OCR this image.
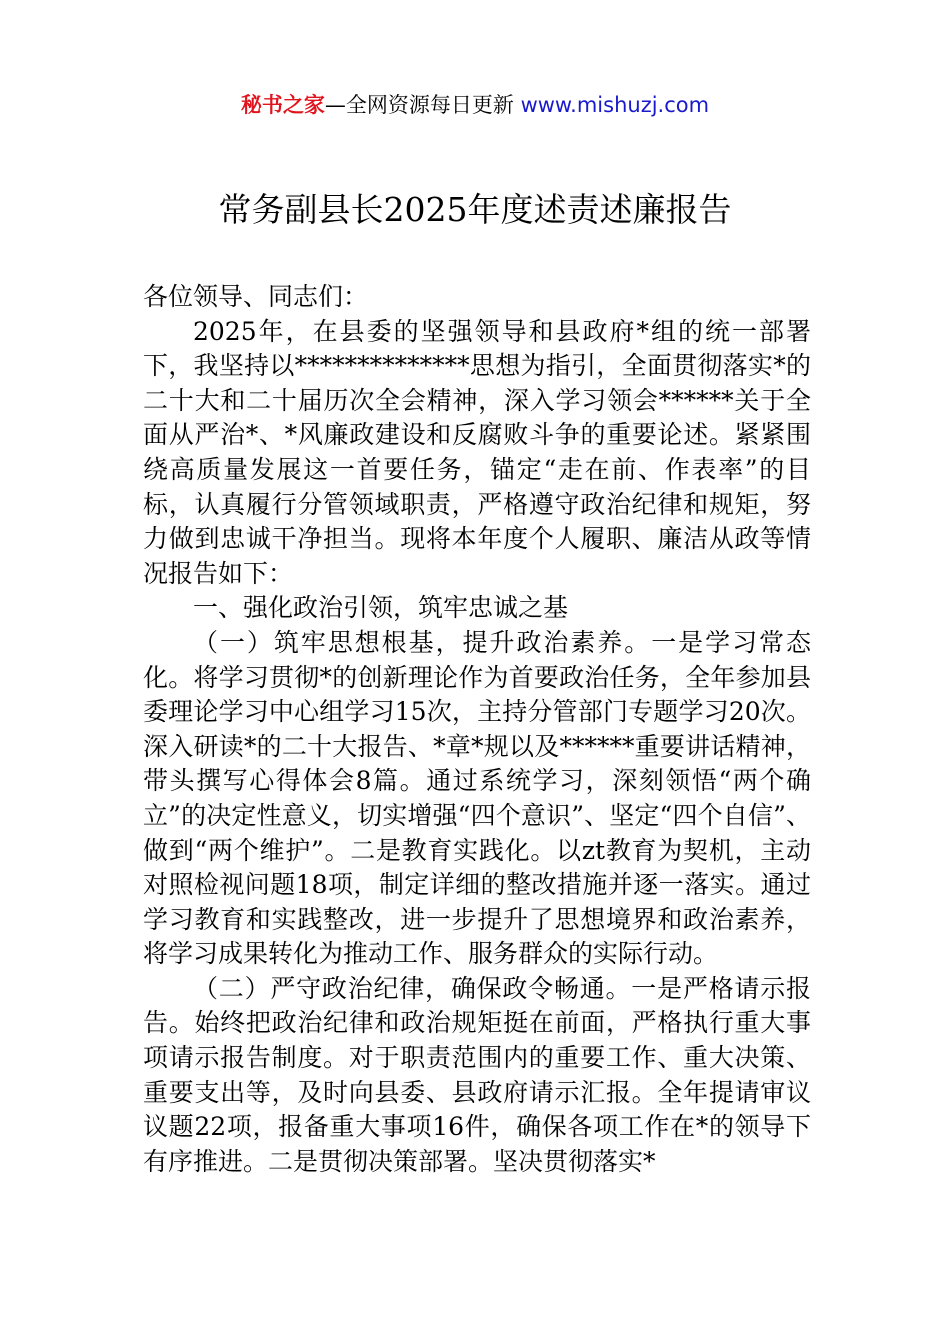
秘书之家—全网资源每日更新 www.mishuzj.com
常务副县长2025年度述责述廉报告

各位领导、同志们：

2025年，在县委的坚强领导和县政府*组的统一部署下，我坚持以**************思想为指引，全面贯彻落实*的二十大和二十届历次全会精神，深入学习领会******关于全面从严治*、*风廉政建设和反腐败斗争的重要论述。紧紧围绕高质量发展这一首要任务，锚定“走在前、作表率”的目标，认真履行分管领域职责，严格遵守政治纪律和规矩，努力做到忠诚干净担当。现将本年度个人履职、廉洁从政等情况报告如下：

一、强化政治引领，筑牢忠诚之基

（一）筑牢思想根基，提升政治素养。一是学习常态化。将学习贯彻*的创新理论作为首要政治任务，全年参加县委理论学习中心组学习15次，主持分管部门专题学习20次。深入研读*的二十大报告、*章*规以及******重要讲话精神，带头撰写心得体会8篇。通过系统学习，深刻领悟“两个确立”的决定性意义，切实增强“四个意识”、坚定“四个自信”、做到“两个维护”。二是教育实践化。以zt教育为契机，主动对照检视问题18项，制定详细的整改措施并逐一落实。通过学习教育和实践整改，进一步提升了思想境界和政治素养，将学习成果转化为推动工作、服务群众的实际行动。

（二）严守政治纪律，确保政令畅通。一是严格请示报告。始终把政治纪律和政治规矩挺在前面，严格执行重大事项请示报告制度。对于职责范围内的重要工作、重大决策、重要支出等，及时向县委、县政府请示汇报。全年提请审议议题22项，报备重大事项16件，确保各项工作在*的领导下有序推进。二是贯彻决策部署。坚决贯彻落实*
